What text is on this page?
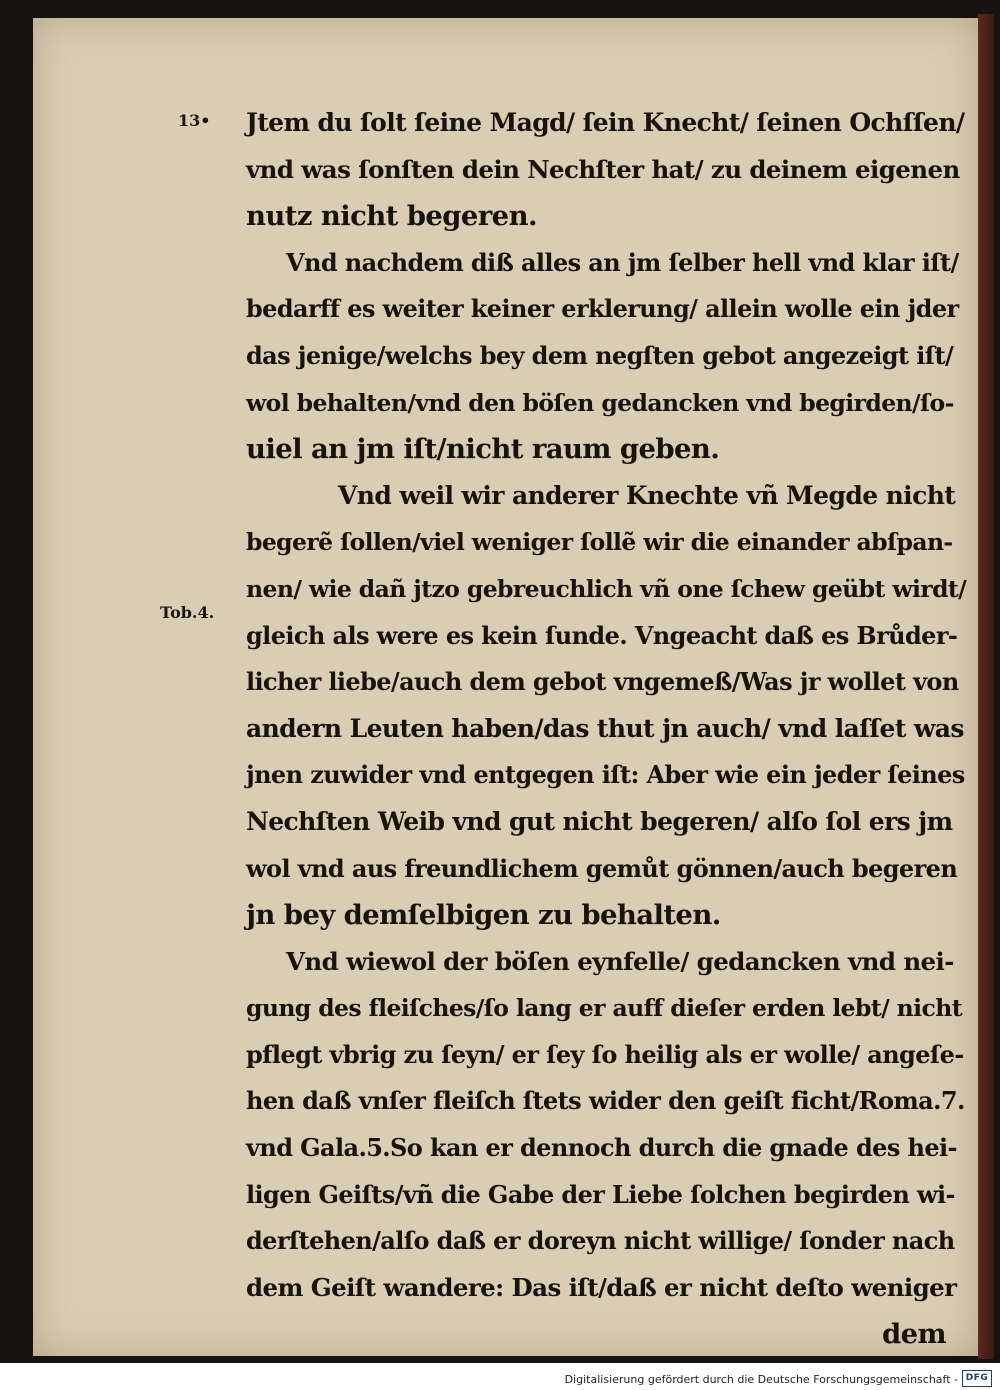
13•
Tob.4.
Jtem du ſolt ſeine Magd/ ſein Knecht/ ſeinen Ochſſen/
vnd was ſonſten dein Nechſter hat/ zu deinem eigenen
nutz nicht begeren.
Vnd nachdem diß alles an jm ſelber hell vnd klar iſt/
bedarff es weiter keiner erklerung/ allein wolle ein jder
das jenige/welchs bey dem negſten gebot angezeigt iſt/
wol behalten/vnd den böſen gedancken vnd begirden/ſo-
uiel an jm iſt/nicht raum geben.
Vnd weil wir anderer Knechte vñ Megde nicht
begerẽ ſollen/viel weniger ſollẽ wir die einander abſpan-
nen/ wie dañ jtzo gebreuchlich vñ one ſchew geübt wirdt/
gleich als were es kein ſunde. Vngeacht daß es Brůder-
licher liebe/auch dem gebot vngemeß/Was jr wollet von
andern Leuten haben/das thut jn auch/ vnd laſſet was
jnen zuwider vnd entgegen iſt: Aber wie ein jeder ſeines
Nechſten Weib vnd gut nicht begeren/ alſo ſol ers jm
wol vnd aus freundlichem gemůt gönnen/auch begeren
jn bey demſelbigen zu behalten.
Vnd wiewol der böſen eynfelle/ gedancken vnd nei-
gung des fleiſches/ſo lang er auff dieſer erden lebt/ nicht
pflegt vbrig zu ſeyn/ er ſey ſo heilig als er wolle/ angeſe-
hen daß vnſer fleiſch ſtets wider den geiſt ficht/Roma.7.
vnd Gala.5.So kan er dennoch durch die gnade des hei-
ligen Geiſts/vñ die Gabe der Liebe ſolchen begirden wi-
derſtehen/alſo daß er doreyn nicht willige/ ſonder nach
dem Geiſt wandere: Das iſt/daß er nicht deſto weniger
dem
Digitalisierung gefördert durch die Deutsche Forschungsgemeinschaft - DFG
